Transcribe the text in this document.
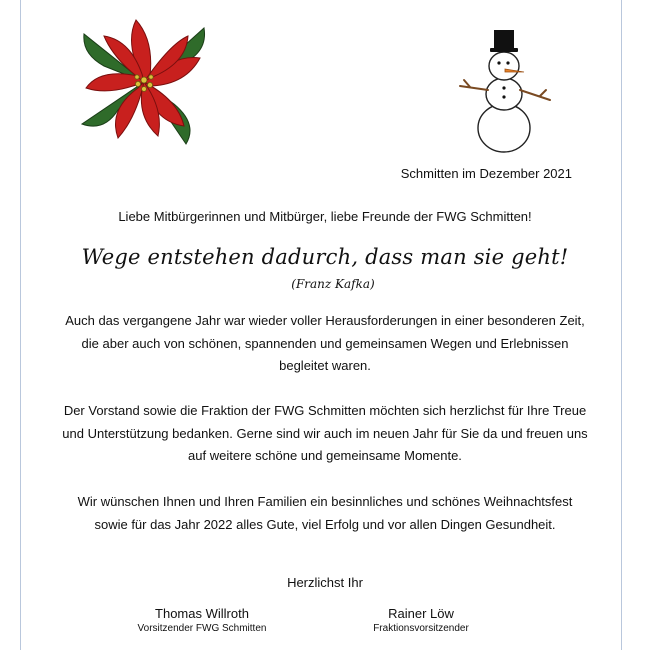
Schmitten im Dezember 2021
Liebe Mitbürgerinnen und Mitbürger, liebe Freunde der FWG Schmitten!
Wege entstehen dadurch, dass man sie geht!
(Franz Kafka)
Auch das vergangene Jahr war wieder voller Herausforderungen in einer besonderen Zeit, die aber auch von schönen, spannenden und gemeinsamen Wegen und Erlebnissen begleitet waren.
Der Vorstand sowie die Fraktion der FWG Schmitten möchten sich herzlichst für Ihre Treue und Unterstützung bedanken. Gerne sind wir auch im neuen Jahr für Sie da und freuen uns auf weitere schöne und gemeinsame Momente.
Wir wünschen Ihnen und Ihren Familien ein besinnliches und schönes Weihnachtsfest sowie für das Jahr 2022 alles Gute, viel Erfolg und vor allen Dingen Gesundheit.
Herzlichst Ihr
Thomas Willroth
Vorsitzender FWG Schmitten
Rainer Löw
Fraktionsvorsitzender
